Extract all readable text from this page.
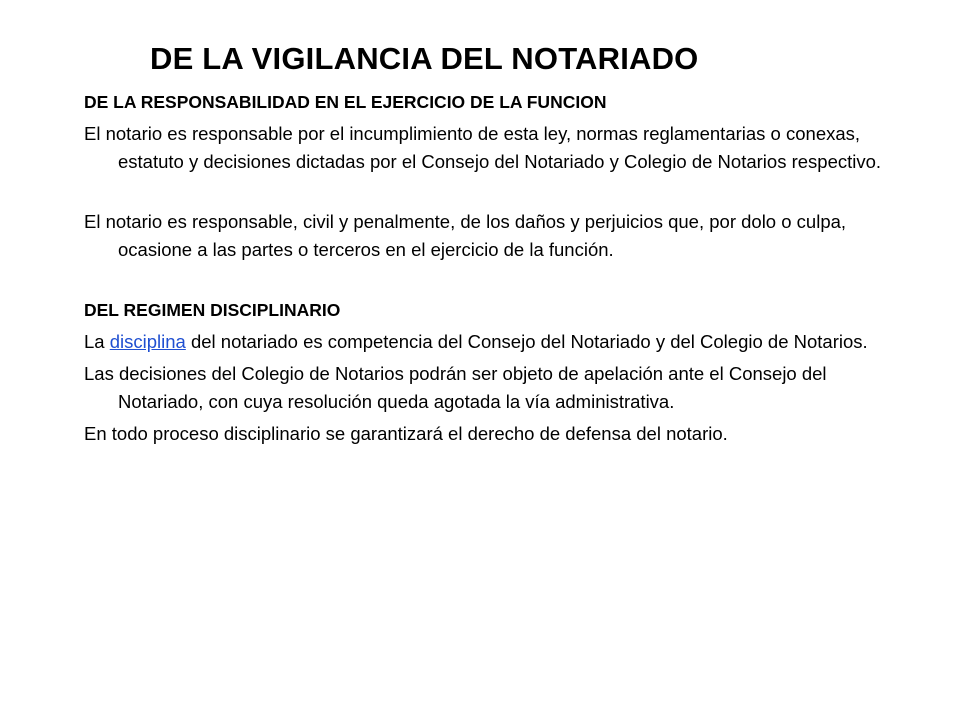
DE LA VIGILANCIA DEL NOTARIADO

DE LA RESPONSABILIDAD EN EL EJERCICIO DE LA FUNCION

El notario es responsable por el incumplimiento de esta ley, normas reglamentarias o conexas, estatuto y decisiones dictadas por el Consejo del Notariado y Colegio de Notarios respectivo.

El notario es responsable, civil y penalmente, de los daños y perjuicios que, por dolo o culpa, ocasione a las partes o terceros en el ejercicio de la función.

DEL REGIMEN DISCIPLINARIO

La disciplina del notariado es competencia del Consejo del Notariado y del Colegio de Notarios.

Las decisiones del Colegio de Notarios podrán ser objeto de apelación ante el Consejo del Notariado, con cuya resolución queda agotada la vía administrativa.

En todo proceso disciplinario se garantizará el derecho de defensa del notario.
